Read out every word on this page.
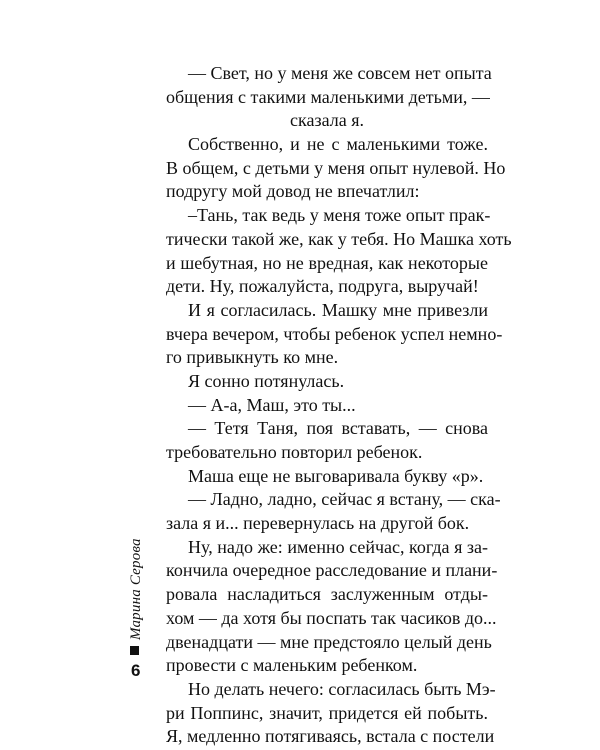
Марина Серова
6
— Свет, но у меня же совсем нет опыта
общения с такими маленькими детьми, —
сказала я.
Собственно, и не с маленькими тоже.
В общем, с детьми у меня опыт нулевой. Но
подругу мой довод не впечатлил:
–Тань, так ведь у меня тоже опыт прак-
тически такой же, как у тебя. Но Машка хоть
и шебутная, но не вредная, как некоторые
дети. Ну, пожалуйста, подруга, выручай!
И я согласилась. Машку мне привезли
вчера вечером, чтобы ребенок успел немно-
го привыкнуть ко мне.
Я сонно потянулась.
— А-а, Маш, это ты...
— Тетя Таня, поя вставать, — снова
требовательно повторил ребенок.
Маша еще не выговаривала букву «р».
— Ладно, ладно, сейчас я встану, — ска-
зала я и... перевернулась на другой бок.
Ну, надо же: именно сейчас, когда я за-
кончила очередное расследование и плани-
ровала насладиться заслуженным отды-
хом — да хотя бы поспать так часиков до...
двенадцати — мне предстояло целый день
провести с маленьким ребенком.
Но делать нечего: согласилась быть Мэ-
ри Поппинс, значит, придется ей побыть.
Я, медленно потягиваясь, встала с постели
